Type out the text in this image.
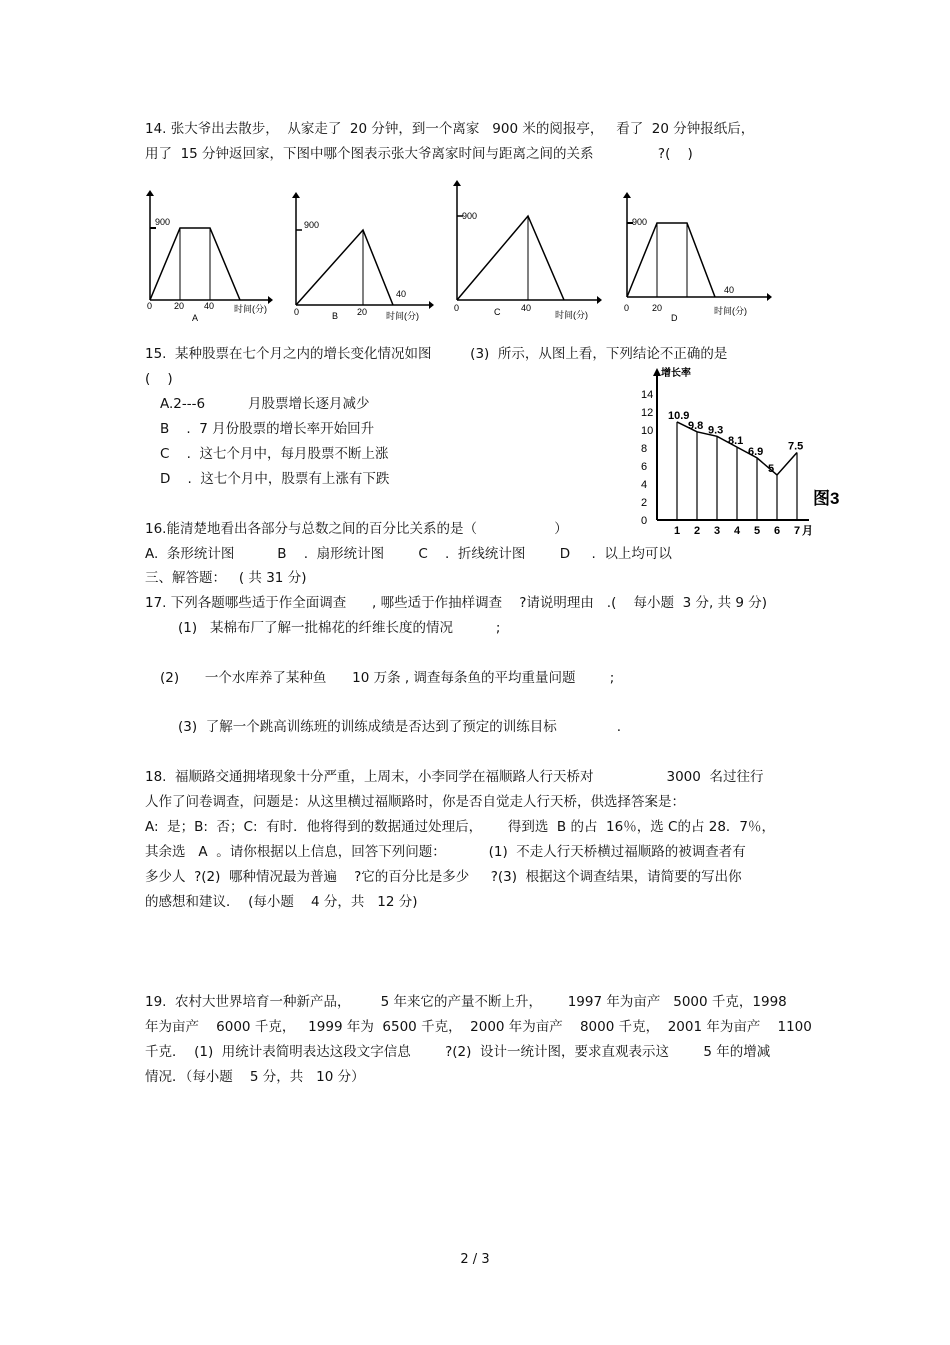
14. 张大爷出去散步，  从家走了  20 分钟，到一个离家   900 米的阅报亭，   看了  20 分钟报纸后，
用了  15 分钟返回家，下图中哪个图表示张大爷离家时间与距离之间的关系               ?(    )
900
0 20 40 时间(分)
A
900
0	20
40
B	时间(分)
900
0	40
C	时间(分)
900
0	20
40
D
时间(分)
15.  某种股票在七个月之内的增长变化情况如图         (3)  所示，从图上看，下列结论不正确的是
(    )
A.2---6          月股票增长逐月减少
B    .  7 月份股票的增长率开始回升
C    .  这七个月中，每月股票不断上涨
D    .  这七个月中，股票有上涨有下跌
增长率
图3
0
2
4
6
8
10
12
14
1 2 3 4 5 6 7 月
10.9
9.8 9.3
8.1
6.9
5
7.5
16.能清楚地看出各部分与总数之间的百分比关系的是（                  ）
A.  条形统计图          B    .  扇形统计图        C    .  折线统计图        D     .  以上均可以
三、解答题：   ( 共 31 分)
17. 下列各题哪些适于作全面调查      , 哪些适于作抽样调查    ?请说明理由   .(    每小题  3 分, 共 9 分)
(1)   某棉布厂了解一批棉花的纤维长度的情况          ;
(2)      一个水库养了某种鱼      10 万条 , 调查每条鱼的平均重量问题        ;
(3)  了解一个跳高训练班的训练成绩是否达到了预定的训练目标              .
18.  福顺路交通拥堵现象十分严重，上周末，小李同学在福顺路人行天桥对                 3000  名过往行
人作了问卷调查，问题是：从这里横过福顺路时，你是否自觉走人行天桥，供选择答案是：
A:  是；B:  否；C:  有时．他将得到的数据通过处理后，      得到选  B 的占  16％，选 C的占 28．7％，
其余选   A  。请你根据以上信息，回答下列问题：          (1)  不走人行天桥横过福顺路的被调查者有
多少人  ?(2)  哪种情况最为普遍    ?它的百分比是多少     ?(3)  根据这个调查结果，请简要的写出你
的感想和建议．  (每小题    4 分，共   12 分)
19.  农村大世界培育一种新产品，       5 年来它的产量不断上升，      1997 年为亩产   5000 千克，1998
年为亩产    6000 千克，   1999 年为  6500 千克，  2000 年为亩产    8000 千克，  2001 年为亩产    1100
千克．  (1)  用统计表简明表达这段文字信息        ?(2)  设计一统计图，要求直观表示这        5 年的增减
情况．（每小题    5 分，共   10 分）
2 / 3
